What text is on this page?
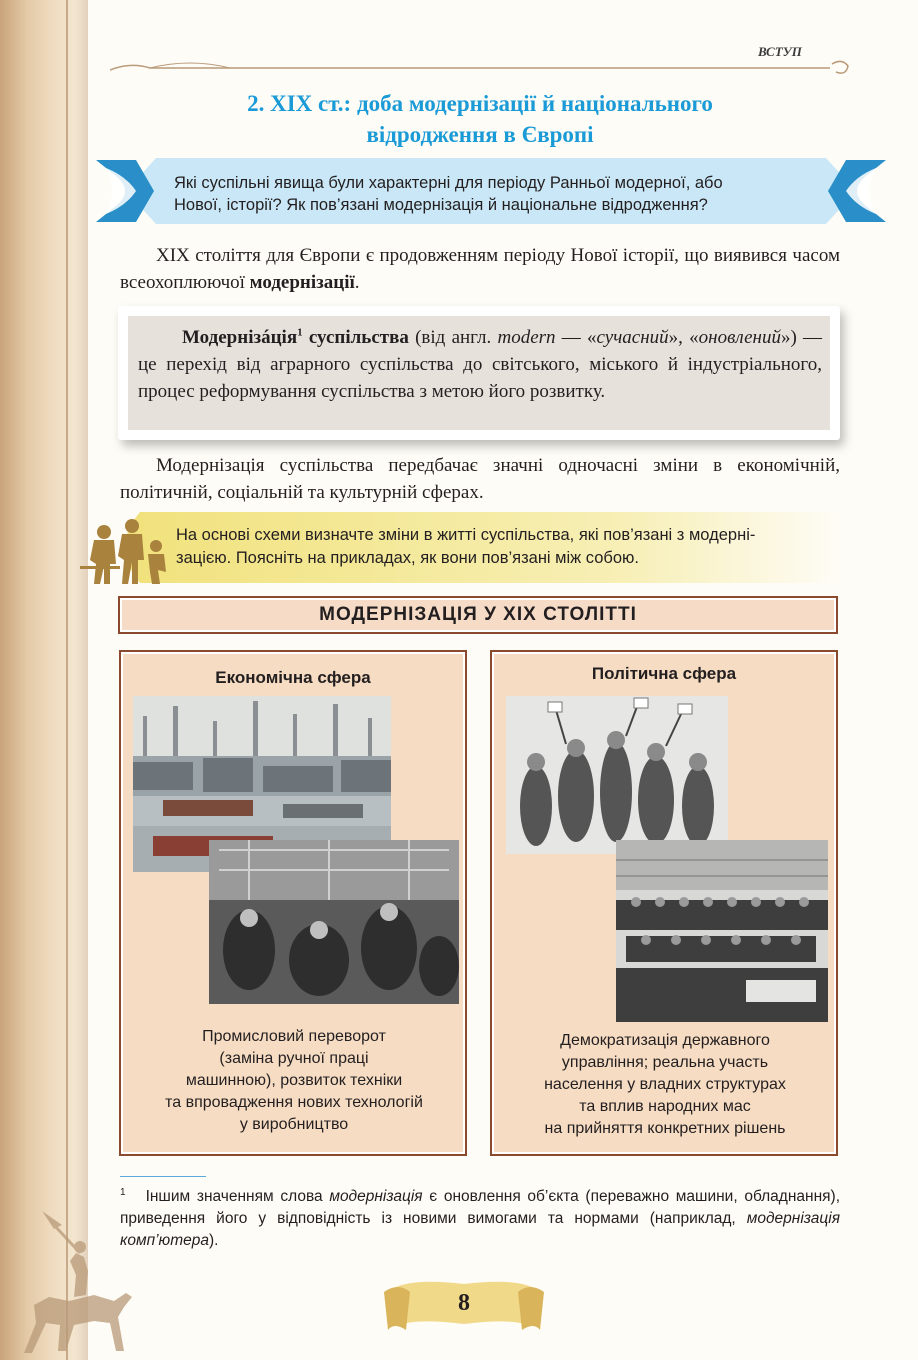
ВСТУП
2. XIX ст.: доба модернізації й національного
відродження в Європі
Які суспільні явища були характерні для періоду Ранньої модерної, або
Нової, історії? Як пов’язані модернізація й національне відродження?
XIX століття для Європи є продовженням періоду Нової історії, що виявився часом всеохоплюючої модернізації.
Модернізáція$^1$ суспільства (від англ. modern — «сучасний», «оновлений») — це перехід від аграрного суспільства до світського, міського й індустріального, процес реформування суспільства з метою його розвитку.
Модернізація суспільства передбачає значні одночасні зміни в економічній, політичній, соціальній та культурній сферах.
На основі схеми визначте зміни в житті суспільства, які пов’язані з модерні-
зацією. Поясніть на прикладах, як вони пов’язані між собою.
МОДЕРНІЗАЦІЯ У XIX СТОЛІТТІ
Економічна сфера
Промисловий переворот
(заміна ручної праці
машинною), розвиток техніки
та впровадження нових технологій
у виробництво
Політична сфера
Демократизація державного
управління; реальна участь
населення у владних структурах
та вплив народних мас
на прийняття конкретних рішень
$^1$ Іншим значенням слова модернізація є оновлення об’єкта (переважно машини, обладнання), приведення його у відповідність із новими вимогами та нормами (наприклад, модернізація комп’ютера).
8
